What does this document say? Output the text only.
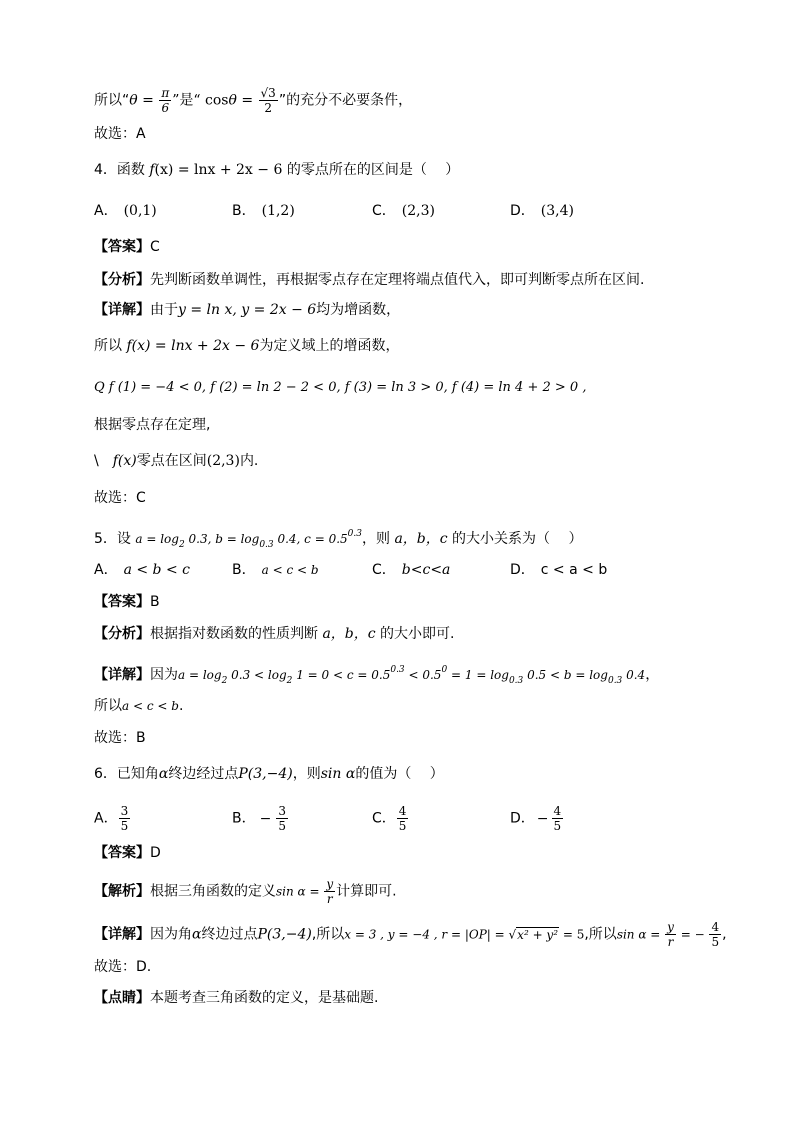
所以“$\theta = \frac{\pi}{6}$ ”是“ $\cos\theta = \frac{√3}{2}$ ”的充分不必要条件，
故选：A
4．函数 f(x) = lnx + 2x − 6 的零点所在的区间是（　 ）
A． (0,1)	B． (1,2)	C． (2,3)	D． (3,4)
【答案】C
【分析】先判断函数单调性，再根据零点存在定理将端点值代入，即可判断零点所在区间.
【详解】由于y = ln x, y = 2x − 6均为增函数，
所以 f(x) = lnx + 2x − 6为定义域上的增函数，
Q f (1) = −4 < 0, f (2) = ln 2 − 2 < 0, f (3) = ln 3 > 0, f (4) = ln 4 + 2 > 0 ,
根据零点存在定理,
\　f(x)零点在区间(2,3)内.
故选：C
5．设 $a = \log_2 0.3$, $b = \log_{0.3} 0.4$, $c = 0.5^{0.3}$，则 a，b，c 的大小关系为（　 ）
A． a < b < c	B． a < c < b	C． b<c<a	D． c < a < b
【答案】B
【分析】根据指对数函数的性质判断 a，b，c 的大小即可.
【详解】因为$a = \log_2 0.3 < \log_2 1 = 0 < c = 0.5^{0.3} < 0.5^0 = 1 = \log_{0.3} 0.5 < b = \log_{0.3} 0.4$，
所以a < c < b.
故选：B
6．已知角α终边经过点P(3,−4)，则sin α的值为（　 ）
A． $\frac{3}{5}$	B． − $\frac{3}{5}$	C． $\frac{4}{5}$	D． − $\frac{4}{5}$
【答案】D
【解析】根据三角函数的定义$\sin \alpha = \frac{y}{r}$ 计算即可.
【详解】因为角α终边过点P(3,−4),所以x = 3 , y = −4 , r = |OP| = √x² + y² = 5,所以$\sin \alpha = \frac{y}{r}$ = − $\frac{4}{5}$ ,
故选：D.
【点睛】本题考查三角函数的定义，是基础题.
